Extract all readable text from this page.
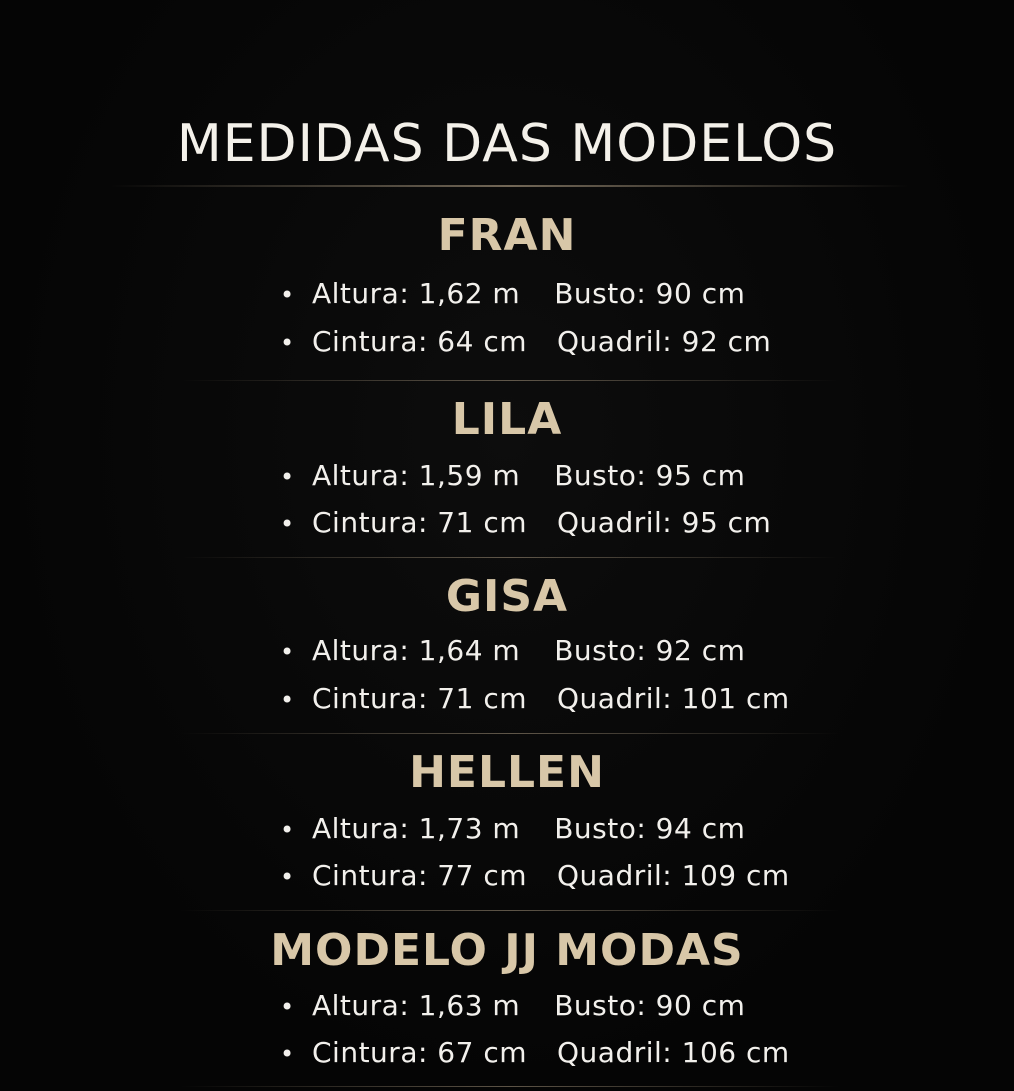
MEDIDAS DAS MODELOS
FRAN
• Altura: 1,62 m Busto: 90 cm
• Cintura: 64 cm Quadril: 92 cm
LILA
• Altura: 1,59 m Busto: 95 cm
• Cintura: 71 cm Quadril: 95 cm
GISA
• Altura: 1,64 m Busto: 92 cm
• Cintura: 71 cm Quadril: 101 cm
HELLEN
• Altura: 1,73 m Busto: 94 cm
• Cintura: 77 cm Quadril: 109 cm
MODELO JJ MODAS
• Altura: 1,63 m Busto: 90 cm
• Cintura: 67 cm Quadril: 106 cm
